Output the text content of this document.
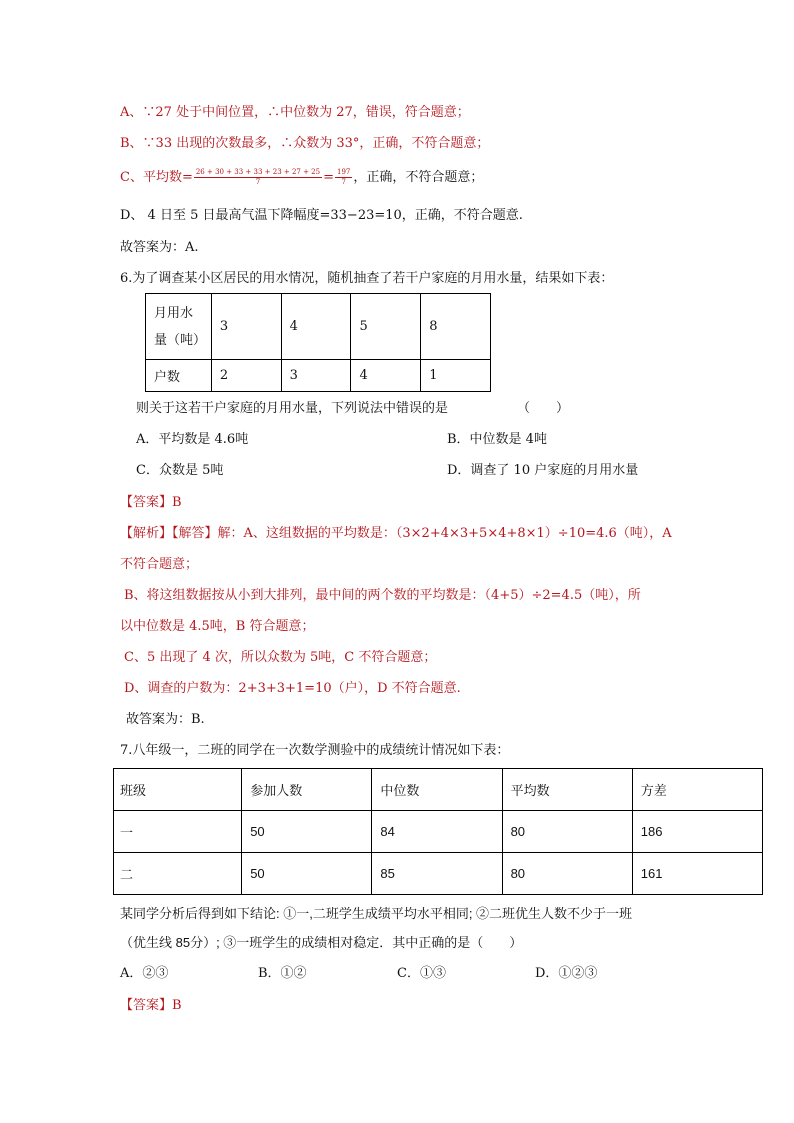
A、∵27 处于中间位置，∴中位数为 27，错误，符合题意；
B、∵33 出现的次数最多，∴众数为 33°，正确，不符合题意；
C、平均数= $\frac{26 + 30 + 33 + 33 + 23 + 27 + 25}{7} = \frac{197}{7}$ ，正确，不符合题意；
D、 4 日至 5 日最高气温下降幅度=33−23=10，正确，不符合题意.
故答案为：A.
6.为了调查某小区居民的用水情况，随机抽查了若干户家庭的月用水量，结果如下表：
月用水
量（吨）	3	4	5	8
户数	2	3	4	1
则关于这若干户家庭的月用水量，下列说法中错误的是	（　　）
A．平均数是 4.6吨	B．中位数是 4吨
C．众数是 5吨	D．调查了 10 户家庭的月用水量
【答案】B
【解析】【解答】解：A、这组数据的平均数是：（3×2+4×3+5×4+8×1）÷10=4.6（吨），A
不符合题意；
B、将这组数据按从小到大排列，最中间的两个数的平均数是：（4+5）÷2=4.5（吨），所
以中位数是 4.5吨，B 符合题意；
C、5 出现了 4 次，所以众数为 5吨，C 不符合题意；
D、调查的户数为：2+3+3+1=10（户），D 不符合题意.
故答案为：B.
7.八年级一，二班的同学在一次数学测验中的成绩统计情况如下表：
班级	参加人数	中位数	平均数	方差
一	50	84	80	186
二	50	85	80	161
某同学分析后得到如下结论: ①一,二班学生成绩平均水平相同; ②二班优生人数不少于一班
（优生线 85分）; ③一班学生的成绩相对稳定．其中正确的是（　　）
A．②③	B．①②	C．①③	D．①②③
【答案】B
